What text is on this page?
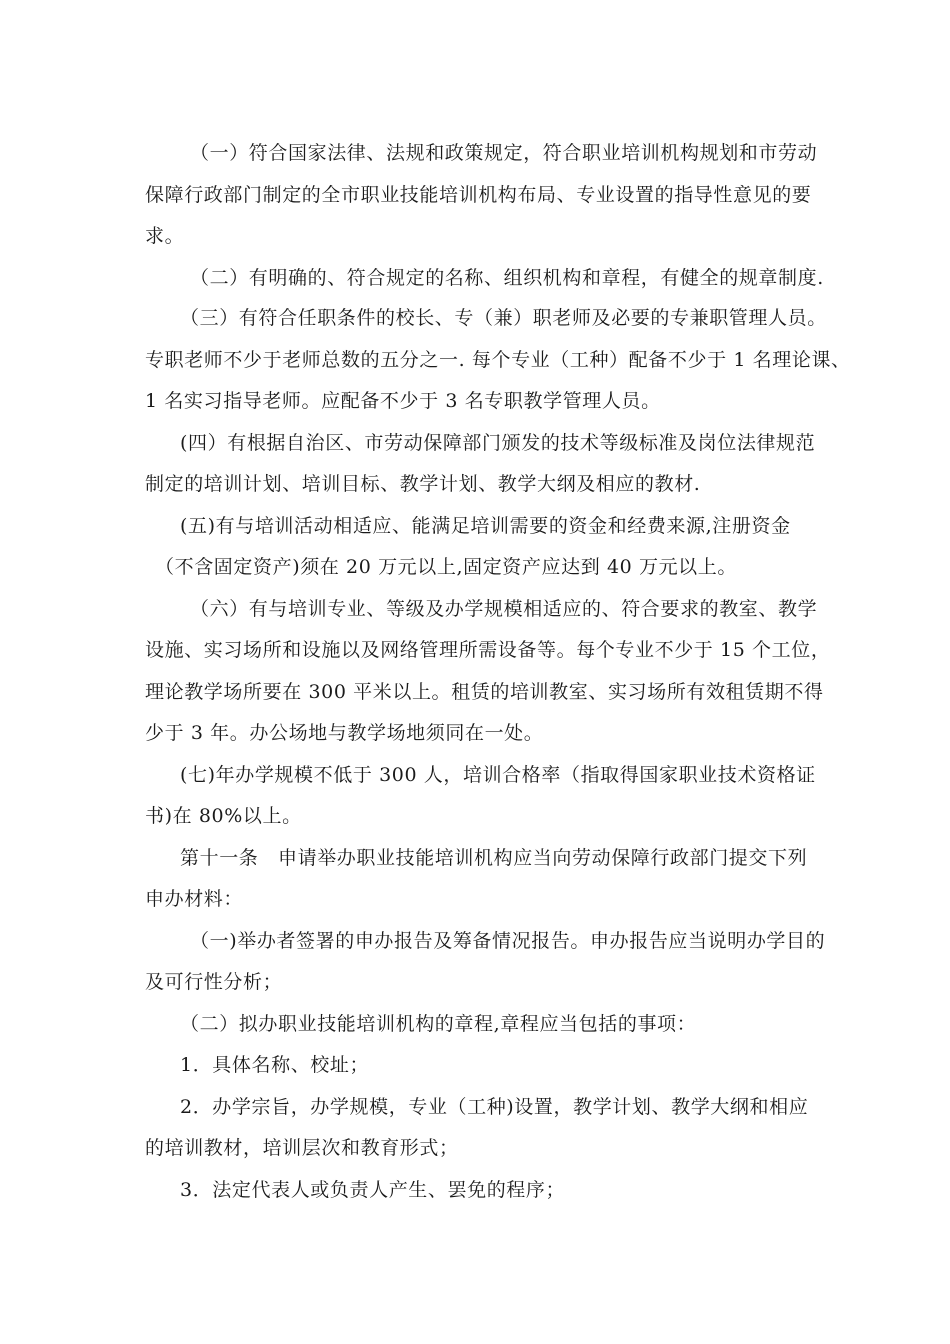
（一）符合国家法律、法规和政策规定，符合职业培训机构规划和市劳动
保障行政部门制定的全市职业技能培训机构布局、专业设置的指导性意见的要
求。
（二）有明确的、符合规定的名称、组织机构和章程，有健全的规章制度.
（三）有符合任职条件的校长、专（兼）职老师及必要的专兼职管理人员。
专职老师不少于老师总数的五分之一. 每个专业（工种）配备不少于 1 名理论课、
1 名实习指导老师。应配备不少于 3 名专职教学管理人员。
(四）有根据自治区、市劳动保障部门颁发的技术等级标准及岗位法律规范
制定的培训计划、培训目标、教学计划、教学大纲及相应的教材.
(五)有与培训活动相适应、能满足培训需要的资金和经费来源,注册资金
（不含固定资产)须在 20 万元以上,固定资产应达到 40 万元以上。
（六）有与培训专业、等级及办学规模相适应的、符合要求的教室、教学
设施、实习场所和设施以及网络管理所需设备等。每个专业不少于 15 个工位，
理论教学场所要在 300 平米以上。租赁的培训教室、实习场所有效租赁期不得
少于 3 年。办公场地与教学场地须同在一处。
(七)年办学规模不低于 300 人，培训合格率（指取得国家职业技术资格证
书)在 80%以上。
第十一条　申请举办职业技能培训机构应当向劳动保障行政部门提交下列
申办材料：
（一)举办者签署的申办报告及筹备情况报告。申办报告应当说明办学目的
及可行性分析；
（二）拟办职业技能培训机构的章程,章程应当包括的事项：
1．具体名称、校址；
2．办学宗旨，办学规模，专业（工种)设置，教学计划、教学大纲和相应
的培训教材，培训层次和教育形式；
3．法定代表人或负责人产生、罢免的程序；
